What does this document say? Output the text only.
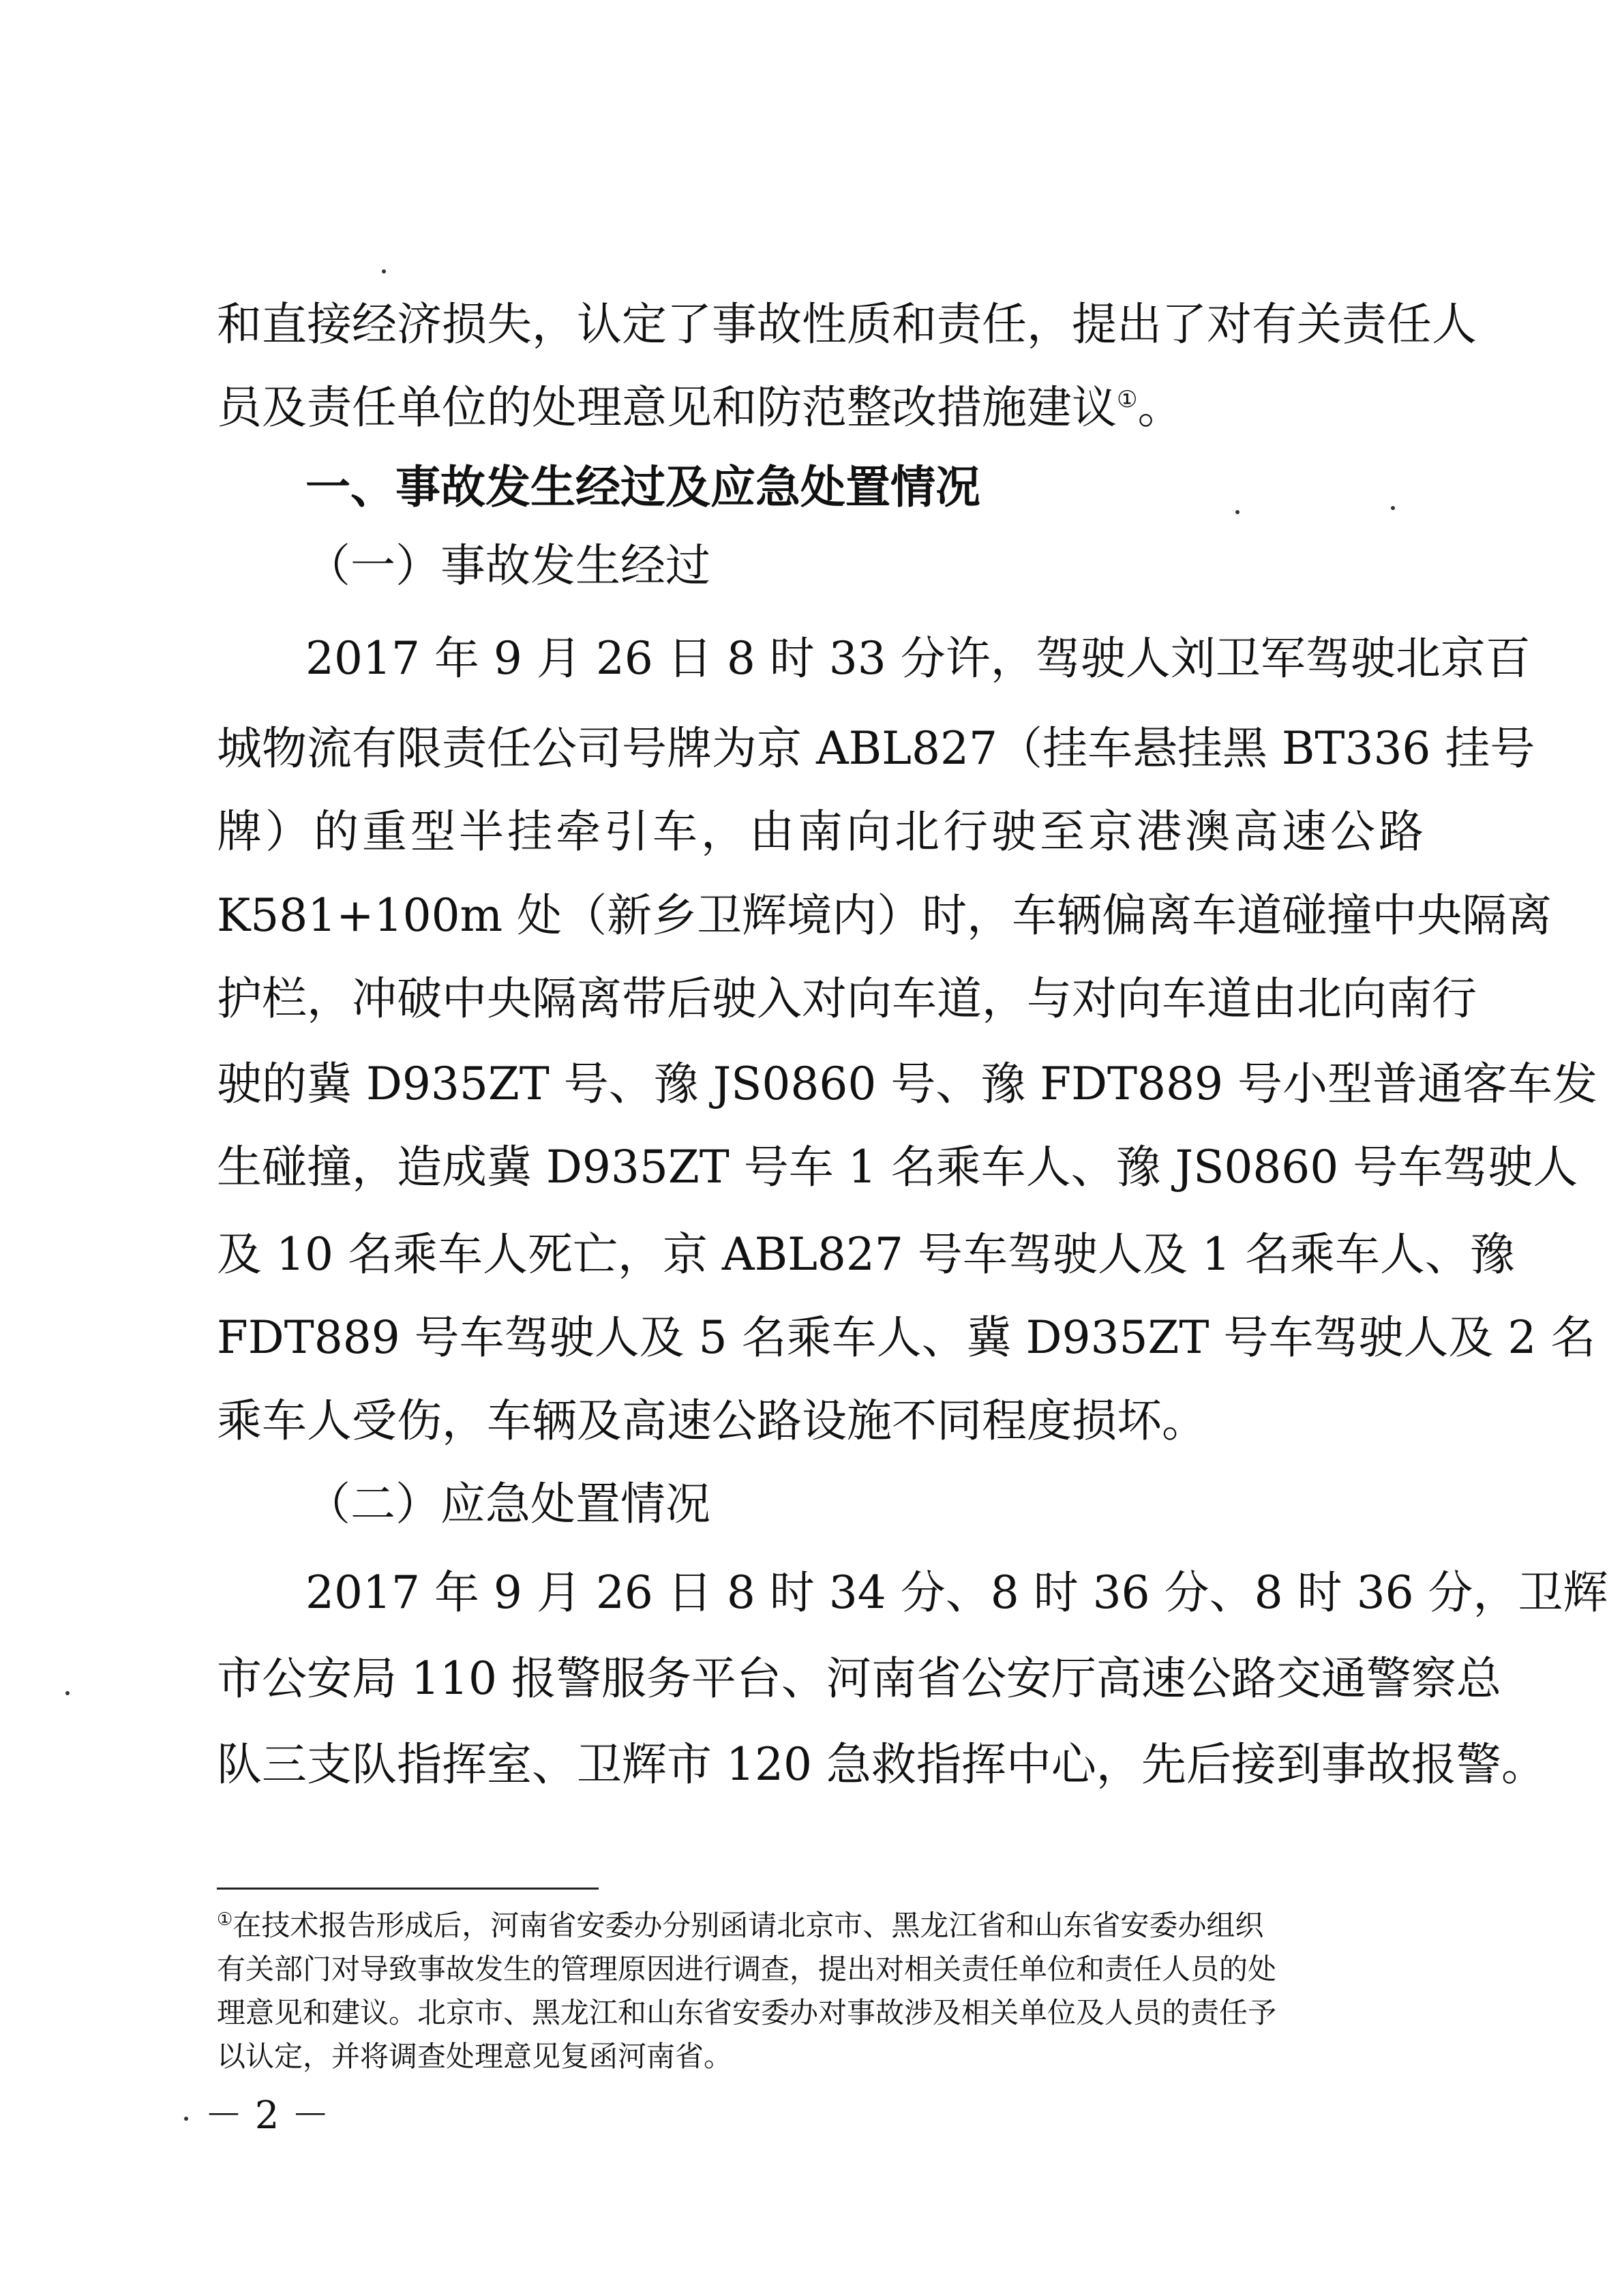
和直接经济损失，认定了事故性质和责任，提出了对有关责任人
员及责任单位的处理意见和防范整改措施建议①。
一、事故发生经过及应急处置情况
（一）事故发生经过
2017 年 9 月 26 日 8 时 33 分许，驾驶人刘卫军驾驶北京百
城物流有限责任公司号牌为京 ABL827（挂车悬挂黑 BT336 挂号
牌）的重型半挂牵引车，由南向北行驶至京港澳高速公路
K581+100m 处（新乡卫辉境内）时，车辆偏离车道碰撞中央隔离
护栏，冲破中央隔离带后驶入对向车道，与对向车道由北向南行
驶的冀 D935ZT 号、豫 JS0860 号、豫 FDT889 号小型普通客车发
生碰撞，造成冀 D935ZT 号车 1 名乘车人、豫 JS0860 号车驾驶人
及 10 名乘车人死亡，京 ABL827 号车驾驶人及 1 名乘车人、豫
FDT889 号车驾驶人及 5 名乘车人、冀 D935ZT 号车驾驶人及 2 名
乘车人受伤，车辆及高速公路设施不同程度损坏。
（二）应急处置情况
2017 年 9 月 26 日 8 时 34 分、8 时 36 分、8 时 36 分，卫辉
市公安局 110 报警服务平台、河南省公安厅高速公路交通警察总
队三支队指挥室、卫辉市 120 急救指挥中心，先后接到事故报警。
①在技术报告形成后，河南省安委办分别函请北京市、黑龙江省和山东省安委办组织
有关部门对导致事故发生的管理原因进行调查，提出对相关责任单位和责任人员的处
理意见和建议。北京市、黑龙江和山东省安委办对事故涉及相关单位及人员的责任予
以认定，并将调查处理意见复函河南省。
－ 2 －
